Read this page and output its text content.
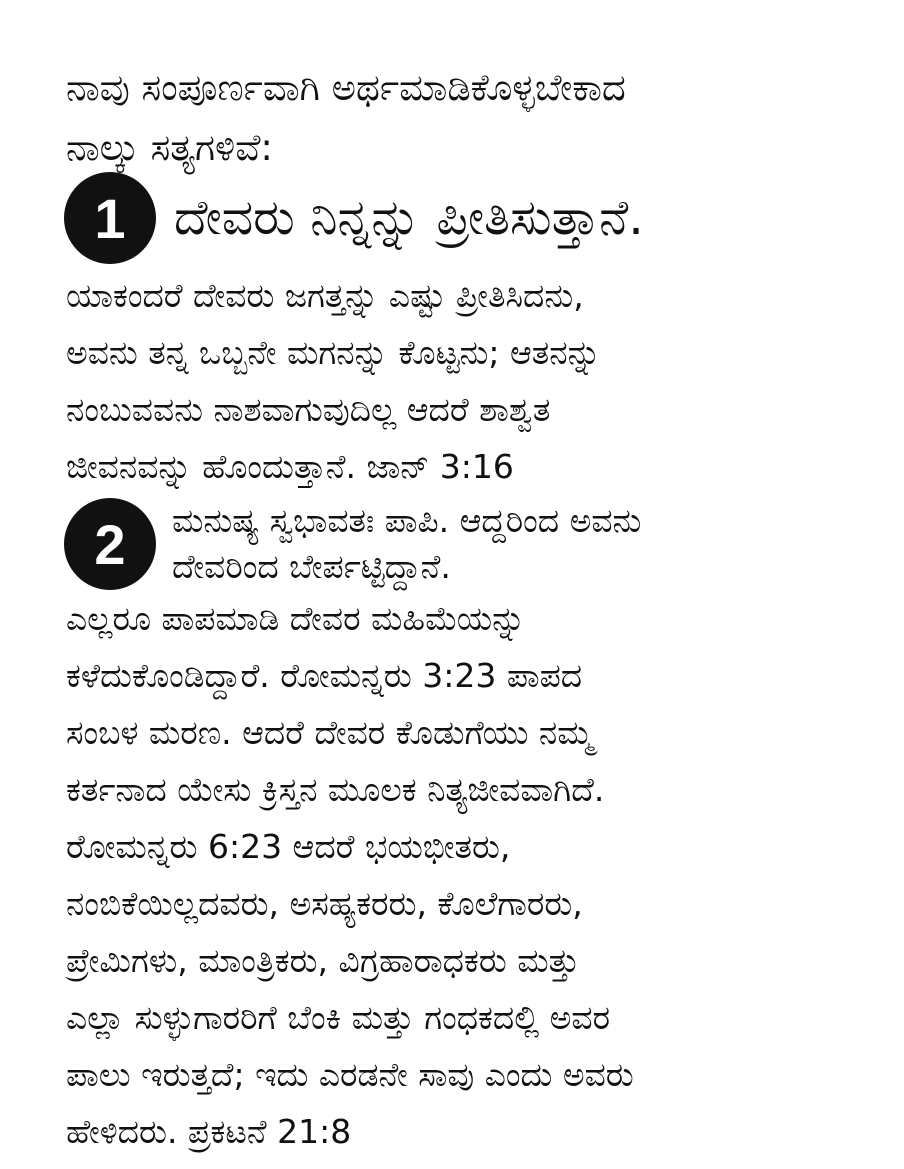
ನಾವು ಸಂಪೂರ್ಣವಾಗಿ ಅರ್ಥಮಾಡಿಕೊಳ್ಳಬೇಕಾದ
ನಾಲ್ಕು ಸತ್ಯಗಳಿವೆ:

1 ದೇವರು ನಿನ್ನನ್ನು ಪ್ರೀತಿಸುತ್ತಾನೆ.

ಯಾಕಂದರೆ ದೇವರು ಜಗತ್ತನ್ನು ಎಷ್ಟು ಪ್ರೀತಿಸಿದನು,
ಅವನು ತನ್ನ ಒಬ್ಬನೇ ಮಗನನ್ನು ಕೊಟ್ಟನು; ಆತನನ್ನು
ನಂಬುವವನು ನಾಶವಾಗುವುದಿಲ್ಲ ಆದರೆ ಶಾಶ್ವತ
ಜೀವನವನ್ನು ಹೊಂದುತ್ತಾನೆ. ಜಾನ್ 3:16

2	ಮನುಷ್ಯ ಸ್ವಭಾವತಃ ಪಾಪಿ. ಆದ್ದರಿಂದ ಅವನು
ದೇವರಿಂದ ಬೇರ್ಪಟ್ಟಿದ್ದಾನೆ.

ಎಲ್ಲರೂ ಪಾಪಮಾಡಿ ದೇವರ ಮಹಿಮೆಯನ್ನು
ಕಳೆದುಕೊಂಡಿದ್ದಾರೆ. ರೋಮನ್ನರು 3:23 ಪಾಪದ
ಸಂಬಳ ಮರಣ. ಆದರೆ ದೇವರ ಕೊಡುಗೆಯು ನಮ್ಮ
ಕರ್ತನಾದ ಯೇಸು ಕ್ರಿಸ್ತನ ಮೂಲಕ ನಿತ್ಯಜೀವವಾಗಿದೆ.
ರೋಮನ್ನರು 6:23 ಆದರೆ ಭಯಭೀತರು,
ನಂಬಿಕೆಯಿಲ್ಲದವರು, ಅಸಹ್ಯಕರರು, ಕೊಲೆಗಾರರು,
ಪ್ರೇಮಿಗಳು, ಮಾಂತ್ರಿಕರು, ವಿಗ್ರಹಾರಾಧಕರು ಮತ್ತು
ಎಲ್ಲಾ ಸುಳ್ಳುಗಾರರಿಗೆ ಬೆಂಕಿ ಮತ್ತು ಗಂಧಕದಲ್ಲಿ ಅವರ
ಪಾಲು ಇರುತ್ತದೆ; ಇದು ಎರಡನೇ ಸಾವು ಎಂದು ಅವರು
ಹೇಳಿದರು. ಪ್ರಕಟನೆ 21:8
